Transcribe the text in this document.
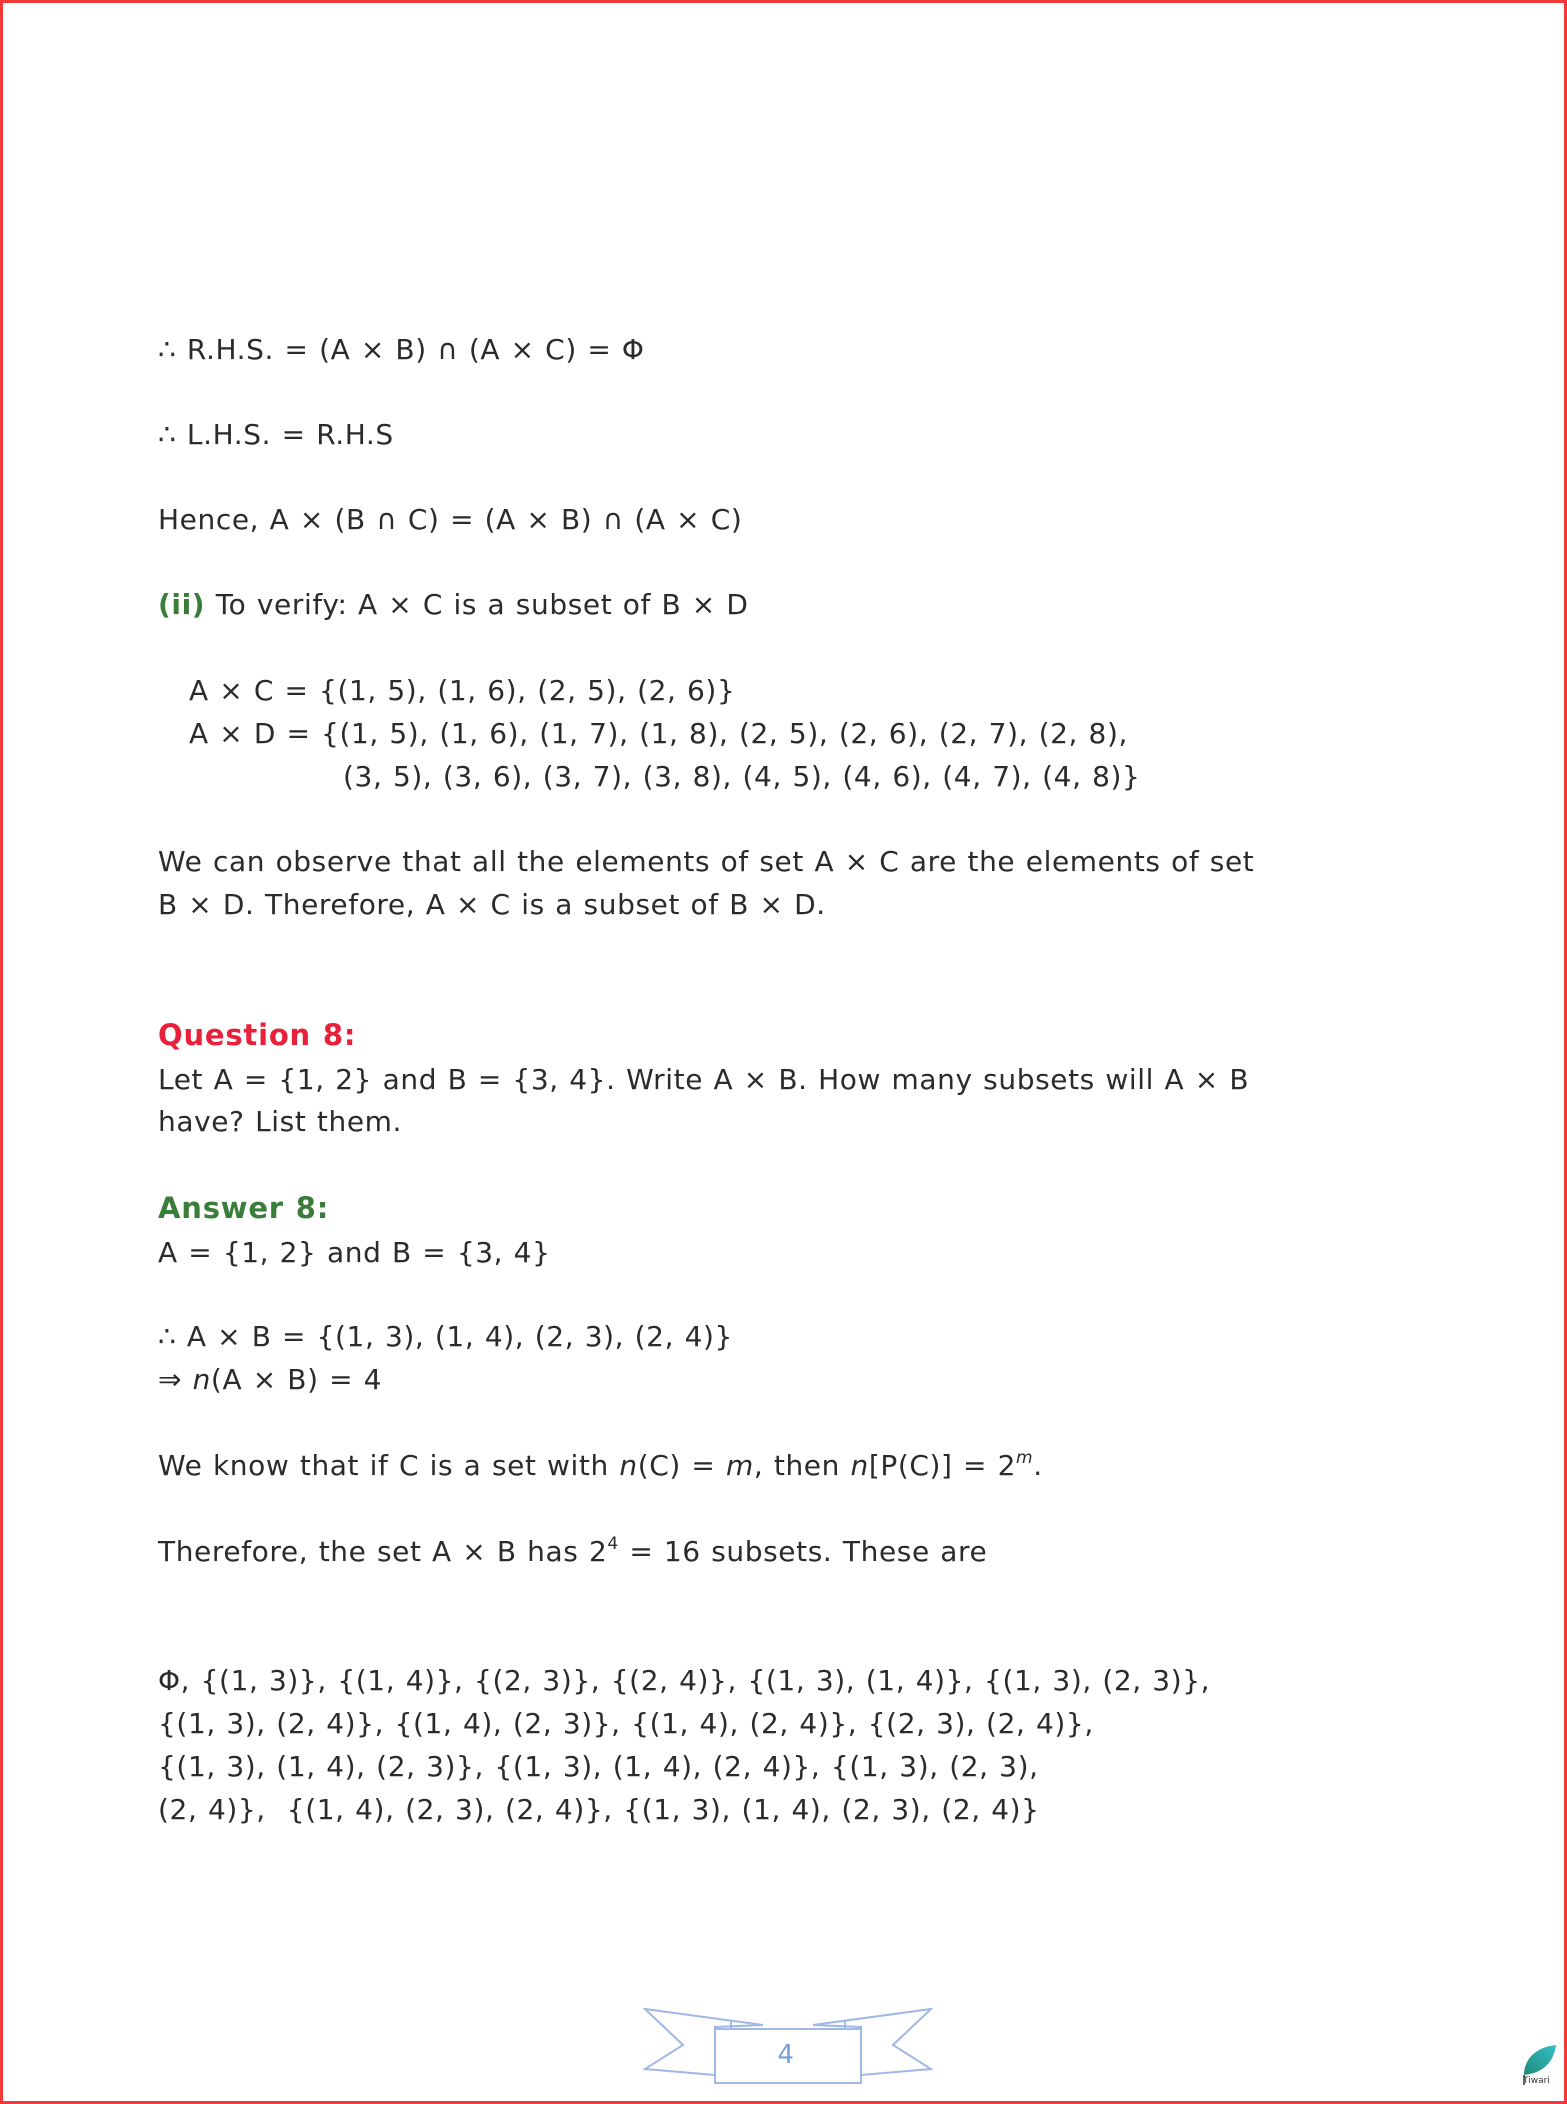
∴ R.H.S. = (A × B) ∩ (A × C) = Φ
∴ L.H.S. = R.H.S
Hence, A × (B ∩ C) = (A × B) ∩ (A × C)
(ii) To verify: A × C is a subset of B × D
A × C = {(1, 5), (1, 6), (2, 5), (2, 6)}
A × D = {(1, 5), (1, 6), (1, 7), (1, 8), (2, 5), (2, 6), (2, 7), (2, 8),
(3, 5), (3, 6), (3, 7), (3, 8), (4, 5), (4, 6), (4, 7), (4, 8)}
We can observe that all the elements of set A × C are the elements of set
B × D. Therefore, A × C is a subset of B × D.
Question 8:
Let A = {1, 2} and B = {3, 4}. Write A × B. How many subsets will A × B
have? List them.
Answer 8:
A = {1, 2} and B = {3, 4}
∴ A × B = {(1, 3), (1, 4), (2, 3), (2, 4)}
⇒ n(A × B) = 4
We know that if C is a set with n(C) = m, then $n[P(C)] = 2^m$.
Therefore, the set A × B has $2^4 = 16$ subsets. These are
Φ, {(1, 3)}, {(1, 4)}, {(2, 3)}, {(2, 4)}, {(1, 3), (1, 4)}, {(1, 3), (2, 3)},
{(1, 3), (2, 4)}, {(1, 4), (2, 3)}, {(1, 4), (2, 4)}, {(2, 3), (2, 4)},
{(1, 3), (1, 4), (2, 3)}, {(1, 3), (1, 4), (2, 4)}, {(1, 3), (2, 3),
(2, 4)},  {(1, 4), (2, 3), (2, 4)}, {(1, 3), (1, 4), (2, 3), (2, 4)}
4
Tiwari
